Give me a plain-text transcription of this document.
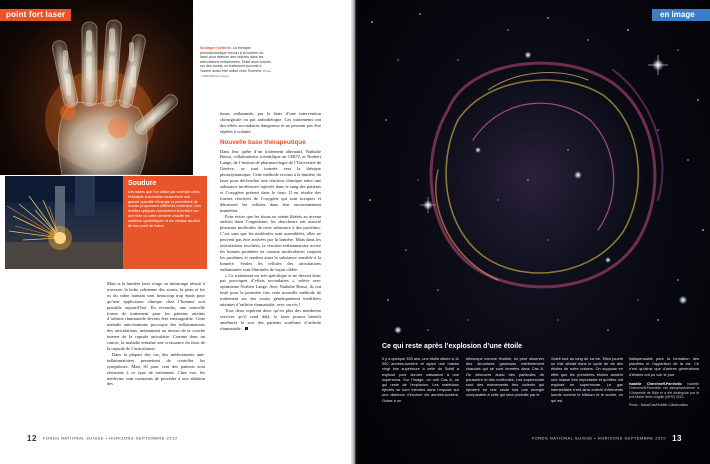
point fort laser
Soulager l’arthrite. La thérapie photodynamique recourt à la lumière du laser pour détruire des cellules dans les articulations enflammées. Testé avec succès sur des souris, ce traitement pourrait à l’avenir aussi être utilisé chez l’homme. Photo : CNRI/SPL/Keystone
Soudure

Les lasers que l’on utilise par exemple dans l’industrie automobile concentrent une grande quantité d’énergie et permettent de souder proprement différents matériaux. Des lentilles optiques concentrent la lumière sur une fibre où cette dernière chauffe les matières synthétiques et les métaux au-delà de leur point de fusion.

Mais si la lumière laser rouge ou infrarouge réussit à traverser la boîte crânienne des souris, la peau et les os du crâne humain sont beaucoup trop épais pour qu’une application clinique chez l’homme soit possible aujourd’hui. En revanche, une nouvelle forme de traitement pour les patients atteints d’arthrite rhumatoïde devrait être envisageable. Cette maladie auto-immune provoque des inflammations des articulations, notamment au niveau de la couche interne de la capsule articulaire. Comme dans un cancer, la maladie entraîne une croissance du tissu de la capsule de l’articulation.

Dans la plupart des cas, des médicaments anti-inflammatoires permettent de contrôler les symptômes. Mais 30 pour cent des patients sont résistants à ce type de traitement. Chez eux, les médecins sont contraints de procéder à une ablation des

tissus enflammés, par le biais d’une intervention chirurgicale ou par radiothérapie. Ces traitements ont des effets secondaires dangereux et ne peuvent pas être répétés à volonté.

Nouvelle base thérapeutique

Dans leur quête d’un traitement alternatif, Nathalie Busso, collaboratrice scientifique au CHUV, et Norbert Lange, de l’institut de pharmacologie de l’Université de Genève, se sont tournés vers la thérapie photodynamique. Cette méthode recourt à la lumière du laser pour déclencher une réaction chimique entre une substance inoffensive injectée dans le sang des patients et l’oxygène présent dans le tissu. Il en résulte des formes réactives de l’oxygène qui sont toxiques et détruisent les cellules dans leur environnement immédiat.

Pour éviter que les tissus ne soient libérés au niveau endroit dans l’organisme, les chercheurs ont associé plusieurs molécules de cette substance à des protéines. C’est sans que les molécules sont assemblées, elles ne peuvent pas être activées par la lumière. Mais dans les articulations touchées, la réaction inflammatoire active les bonnes protéines en ciseaux moléculaires coupent les protéines et rendent ainsi la substance sensible à la lumière. Seules les cellules des articulations enflammées sont éliminées de façon ciblée.

« Ce traitement est très spécifique et ne devrait donc pas provoquer d’effets secondaires », relève avec optimisme Norbert Lange. Avec Nathalie Busso, ils ont testé pour la première fois cette nouvelle méthode de traitement sur des souris génétiquement modifiées atteintes d’arthrite rhumatoïde, avec succès !

Tous deux espèrent donc qu’en plus des nombreux services qu’il rend déjà, le laser pourra bientôt améliorer le sort des patients souffrant d’arthrite rhumatoïde.

12 FONDS NATIONAL SUISSE • HORIZONS SEPTEMBRE 2010
en image
Ce qui reste après l’explosion d’une étoile
Il y a quelque 330 ans, une étoile située à 11 000 années-lumière et ayant une masse vingt fois supérieure à celle du Soleil a explosé pour donner naissance à une supernova. Sur l’image, on voit Cas A, ce qui reste de l’explosion. Les matériaux éjectés se sont étendus dans l’espace sur une distance d’environ dix années-lumière. Grâce à un
télescope comme Hubble, on peut observer des structures gazeuses extrêmement chaudes qui se sont formées dans Cas A. On découvre aussi des particules de poussière et des molécules. Les supernovae sont des événements très violents qui éjectent en une seule fois une énergie comparable à celle qui sera produite par le
Soleil tout au long de sa vie. Elles jouent un rôle décisif dans le cycle de vie des étoiles de notre univers. On suppose en effet que les premières étoiles avaient une masse très importante et qu’elles ont explosé en supernovae. Le gaz interstellaire s’est ainsi enrichi d’éléments lourds comme le silicium et le soufre, ce qui est
indispensable pour la formation des planètes et l’apparition de la vie. Ce n’est qu’ainsi que d’autres générations d’étoiles ont pu voir le jour.
Isabelle Cherchneff-Parrinello Isabelle Cherchneff-Parrinello est astrophysicienne à l’Université de Bâle et a été distinguée par le prix Marie Heim-Vögtlin (MHV) 2010.
Photo : Nasa/Cas/Hubble Collaboration
FONDS NATIONAL SUISSE • HORIZONS SEPTEMBRE 2010 13
